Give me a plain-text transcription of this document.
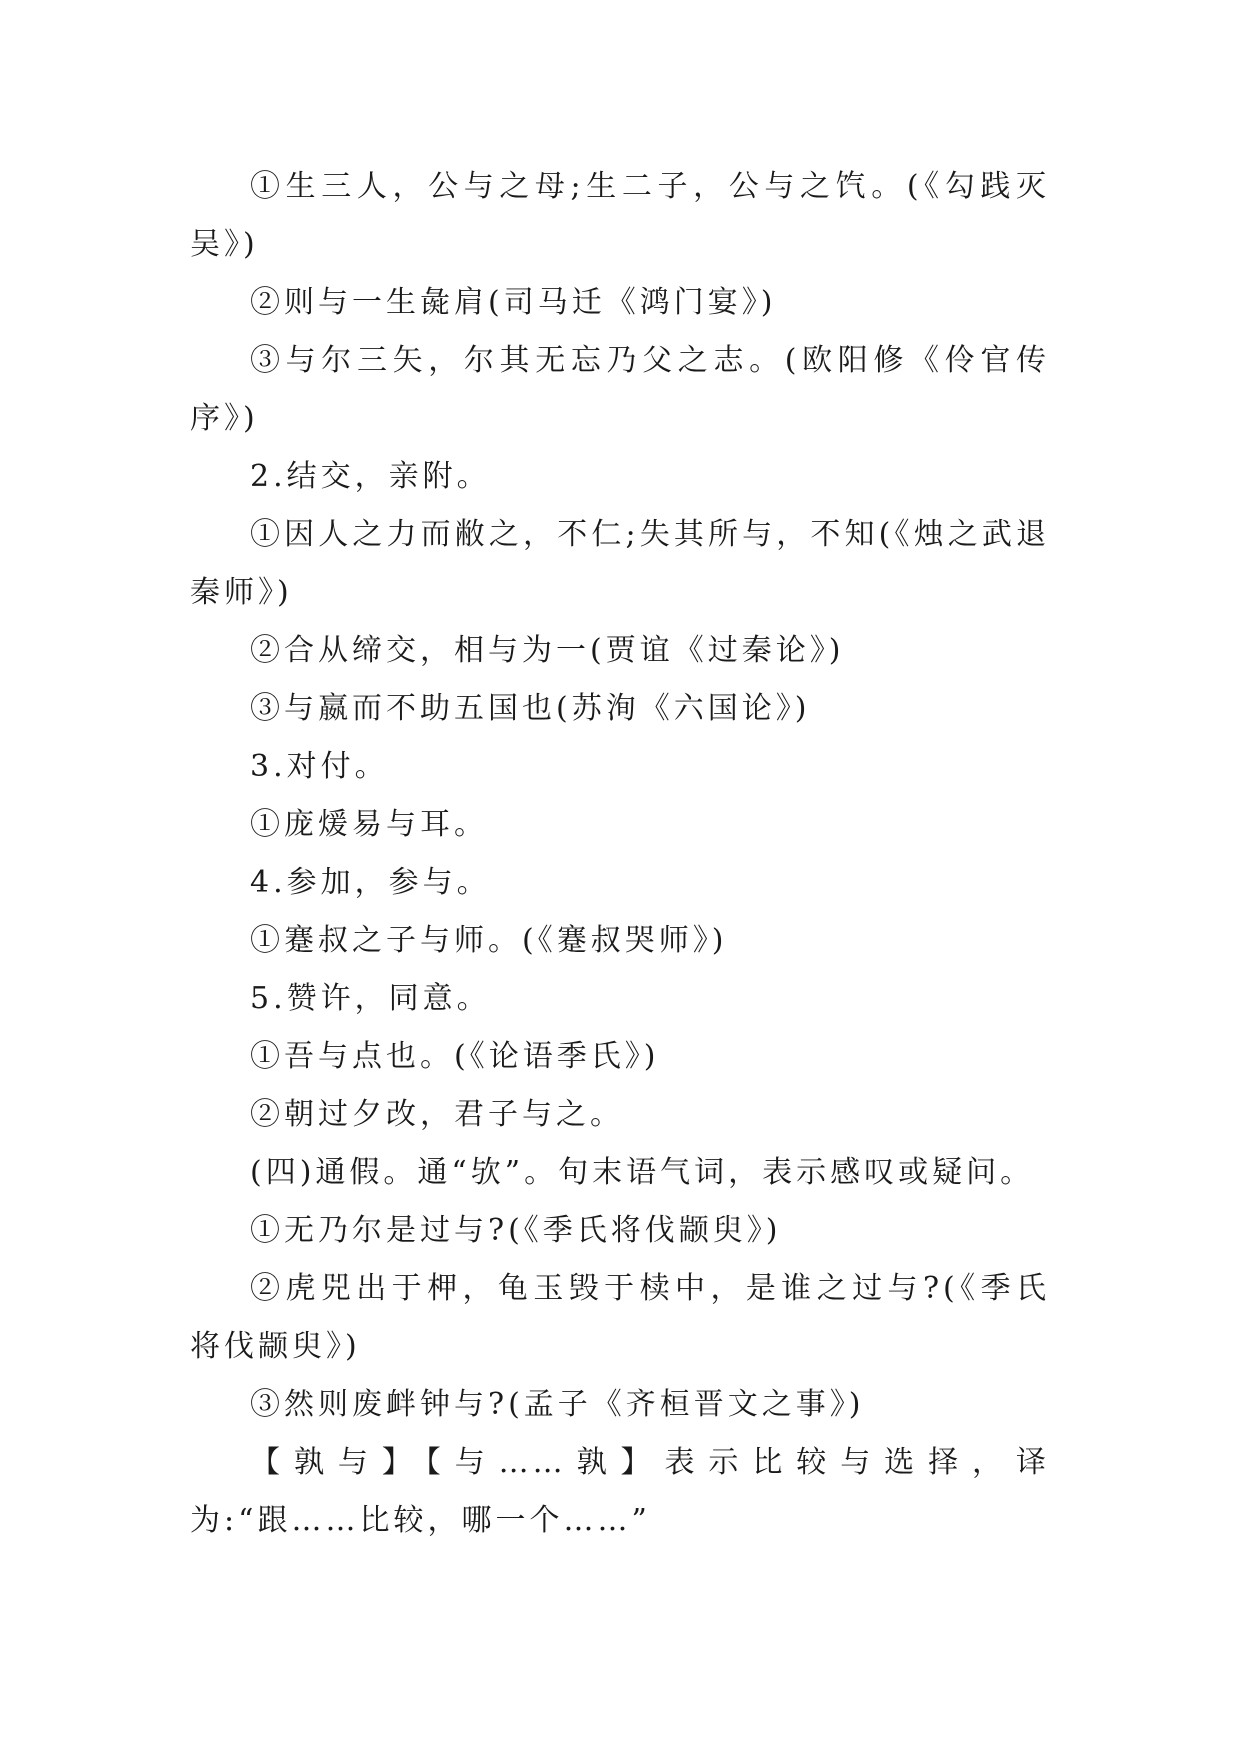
①生三人，公与之母;生二子，公与之饩。(《勾践灭吴》)

②则与一生彘肩(司马迁《鸿门宴》)

③与尔三矢，尔其无忘乃父之志。(欧阳修《伶官传序》)

2.结交，亲附。

①因人之力而敝之，不仁;失其所与，不知(《烛之武退秦师》)

②合从缔交，相与为一(贾谊《过秦论》)

③与嬴而不助五国也(苏洵《六国论》)

3.对付。

①庞煖易与耳。

4.参加，参与。

①蹇叔之子与师。(《蹇叔哭师》)

5.赞许，同意。

①吾与点也。(《论语季氏》)

②朝过夕改，君子与之。

(四)通假。通“欤”。句末语气词，表示感叹或疑问。

①无乃尔是过与?(《季氏将伐颛臾》)

②虎兕出于柙，龟玉毁于椟中，是谁之过与?(《季氏将伐颛臾》)

③然则废衅钟与?(孟子《齐桓晋文之事》)

【孰与】【与……孰】表示比较与选择，译为:“跟……比较，哪一个……”
